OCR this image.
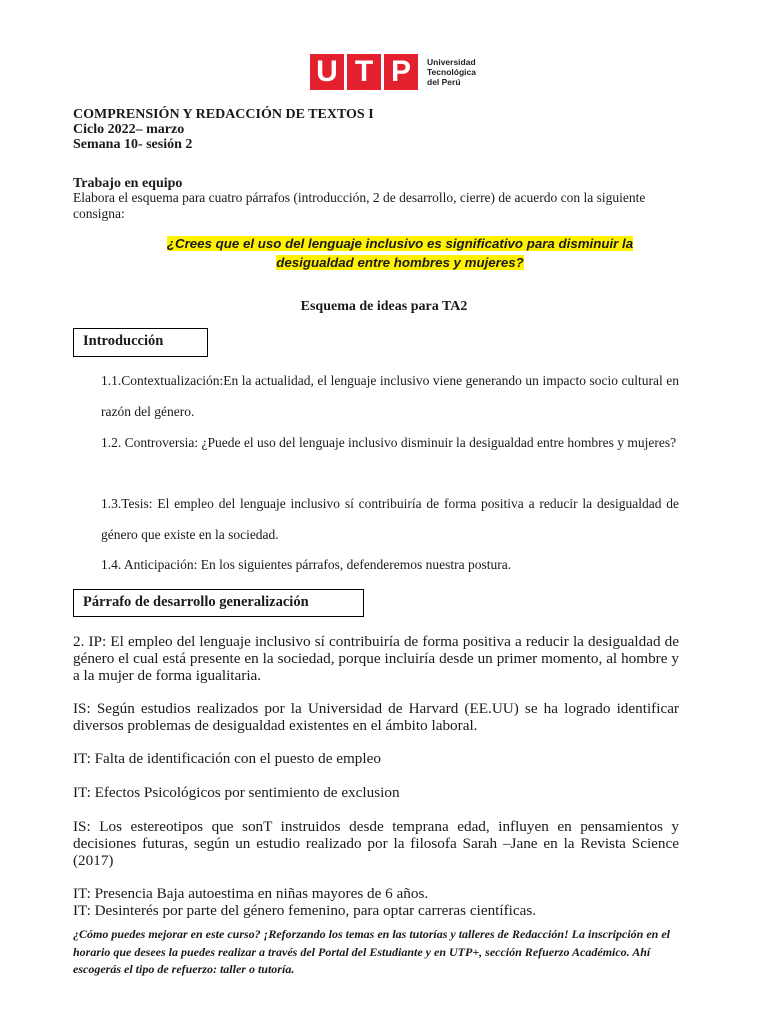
U T P	Universidad
Tecnológica
del Perú
COMPRENSIÓN Y REDACCIÓN DE TEXTOS I
Ciclo 2022– marzo
Semana 10- sesión 2
Trabajo en equipo
Elabora el esquema para cuatro párrafos (introducción, 2 de desarrollo, cierre) de acuerdo con la siguiente consigna:
¿Crees que el uso del lenguaje inclusivo es significativo para disminuir la
desigualdad entre hombres y mujeres?
Esquema de ideas para TA2
Introducción
1.1.Contextualización:En la actualidad, el lenguaje inclusivo viene generando un impacto socio cultural en razón del género.
1.2. Controversia: ¿Puede el uso del lenguaje inclusivo disminuir la desigualdad entre hombres y mujeres?
1.3.Tesis: El empleo del lenguaje inclusivo sí contribuiría de forma positiva a reducir la desigualdad de género que existe en la sociedad.
1.4. Anticipación: En los siguientes párrafos, defenderemos nuestra postura.
Párrafo de desarrollo generalización
2. IP: El empleo del lenguaje inclusivo sí contribuiría de forma positiva a reducir la desigualdad de género el cual está presente en la sociedad, porque incluiría desde un primer momento, al hombre y a la mujer de forma igualitaria.
IS: Según estudios realizados por la Universidad de Harvard (EE.UU) se ha logrado identificar diversos problemas de desigualdad existentes en el ámbito laboral.
IT: Falta de identificación con el puesto de empleo
IT: Efectos Psicológicos por sentimiento de exclusion
IS: Los estereotipos que sonT instruidos desde temprana edad, influyen en pensamientos y decisiones futuras, según un estudio realizado por la filosofa Sarah –Jane en la Revista Science (2017)
IT: Presencia Baja autoestima en niñas mayores de 6 años.
IT: Desinterés por parte del género femenino, para optar carreras científicas.
¿Cómo puedes mejorar en este curso? ¡Reforzando los temas en las tutorías y talleres de Redacción! La inscripción en el horario que desees la puedes realizar a través del Portal del Estudiante y en UTP+, sección Refuerzo Académico. Ahí escogerás el tipo de refuerzo: taller o tutoría.
